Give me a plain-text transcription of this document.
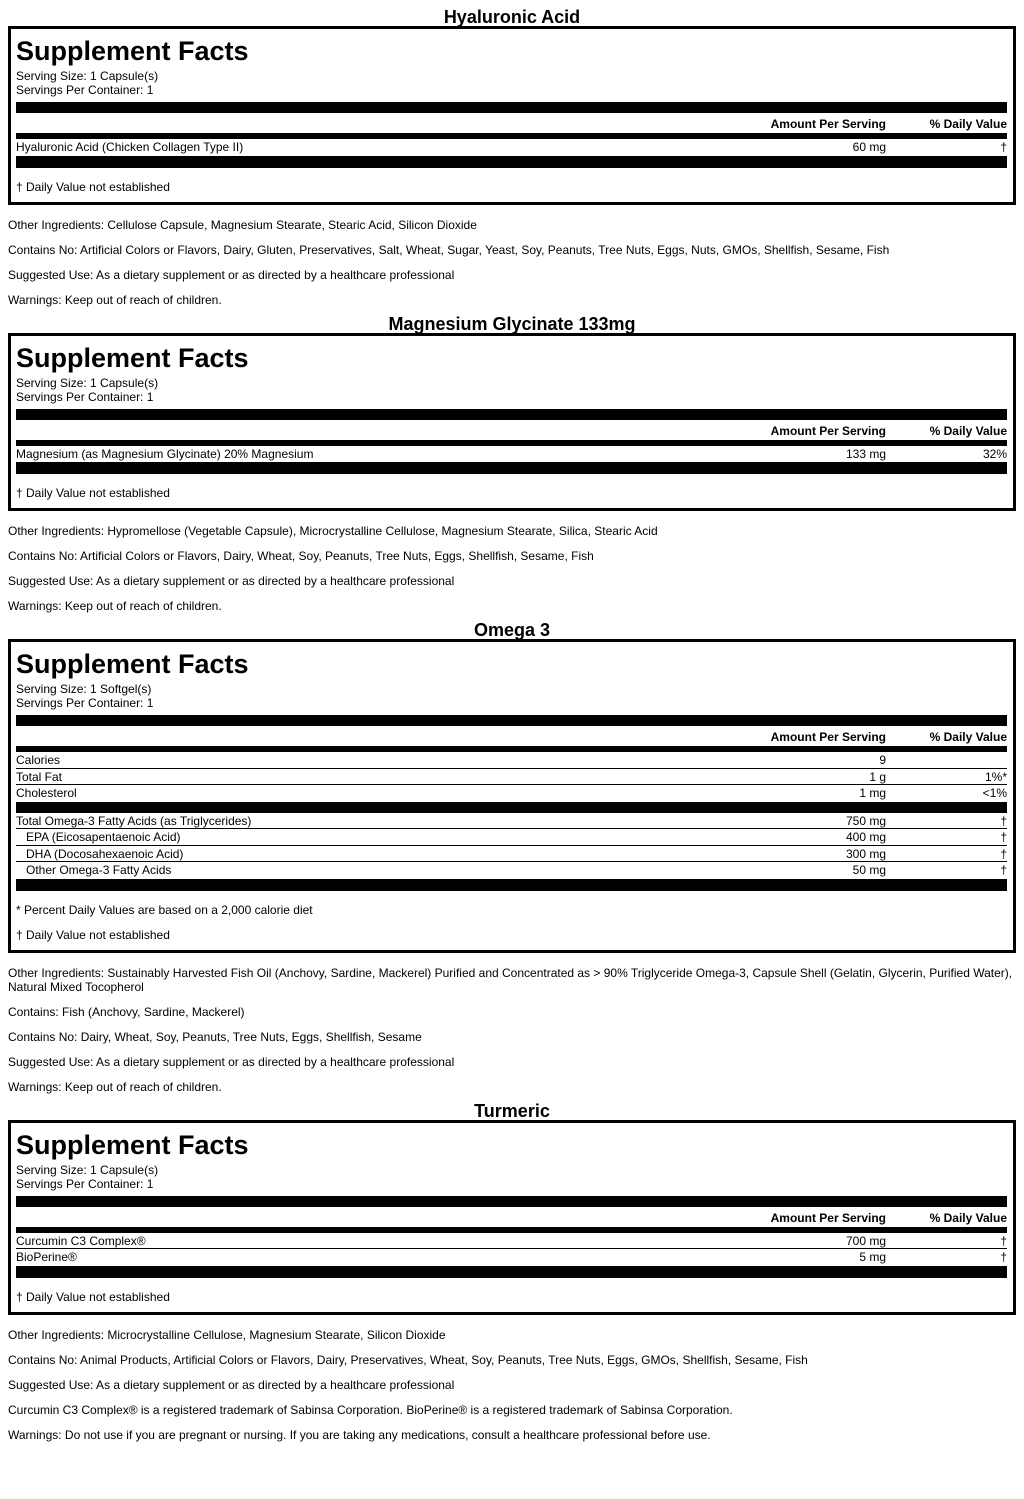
Hyaluronic Acid
Supplement Facts
Serving Size: 1 Capsule(s)
Servings Per Container: 1
Amount Per Serving	% Daily Value
Hyaluronic Acid (Chicken Collagen Type II)	60 mg	†
† Daily Value not established
Other Ingredients: Cellulose Capsule, Magnesium Stearate, Stearic Acid, Silicon Dioxide
Contains No: Artificial Colors or Flavors, Dairy, Gluten, Preservatives, Salt, Wheat, Sugar, Yeast, Soy, Peanuts, Tree Nuts, Eggs, Nuts, GMOs, Shellfish, Sesame, Fish
Suggested Use: As a dietary supplement or as directed by a healthcare professional
Warnings: Keep out of reach of children.
Magnesium Glycinate 133mg
Supplement Facts
Serving Size: 1 Capsule(s)
Servings Per Container: 1
Amount Per Serving	% Daily Value
Magnesium (as Magnesium Glycinate) 20% Magnesium	133 mg	32%
† Daily Value not established
Other Ingredients: Hypromellose (Vegetable Capsule), Microcrystalline Cellulose, Magnesium Stearate, Silica, Stearic Acid
Contains No: Artificial Colors or Flavors, Dairy, Wheat, Soy, Peanuts, Tree Nuts, Eggs, Shellfish, Sesame, Fish
Suggested Use: As a dietary supplement or as directed by a healthcare professional
Warnings: Keep out of reach of children.
Omega 3
Supplement Facts
Serving Size: 1 Softgel(s)
Servings Per Container: 1
Amount Per Serving	% Daily Value
Calories	9
Total Fat	1 g	1%*
Cholesterol	1 mg	<1%
Total Omega-3 Fatty Acids (as Triglycerides)	750 mg	†
EPA (Eicosapentaenoic Acid)	400 mg	†
DHA (Docosahexaenoic Acid)	300 mg	†
Other Omega-3 Fatty Acids	50 mg	†
* Percent Daily Values are based on a 2,000 calorie diet
† Daily Value not established
Other Ingredients: Sustainably Harvested Fish Oil (Anchovy, Sardine, Mackerel) Purified and Concentrated as > 90% Triglyceride Omega-3, Capsule Shell (Gelatin, Glycerin, Purified Water), Natural Mixed Tocopherol
Contains: Fish (Anchovy, Sardine, Mackerel)
Contains No: Dairy, Wheat, Soy, Peanuts, Tree Nuts, Eggs, Shellfish, Sesame
Suggested Use: As a dietary supplement or as directed by a healthcare professional
Warnings: Keep out of reach of children.
Turmeric
Supplement Facts
Serving Size: 1 Capsule(s)
Servings Per Container: 1
Amount Per Serving	% Daily Value
Curcumin C3 Complex®	700 mg	†
BioPerine®	5 mg	†
† Daily Value not established
Other Ingredients: Microcrystalline Cellulose, Magnesium Stearate, Silicon Dioxide
Contains No: Animal Products, Artificial Colors or Flavors, Dairy, Preservatives, Wheat, Soy, Peanuts, Tree Nuts, Eggs, GMOs, Shellfish, Sesame, Fish
Suggested Use: As a dietary supplement or as directed by a healthcare professional
Curcumin C3 Complex® is a registered trademark of Sabinsa Corporation. BioPerine® is a registered trademark of Sabinsa Corporation.
Warnings: Do not use if you are pregnant or nursing. If you are taking any medications, consult a healthcare professional before use.
